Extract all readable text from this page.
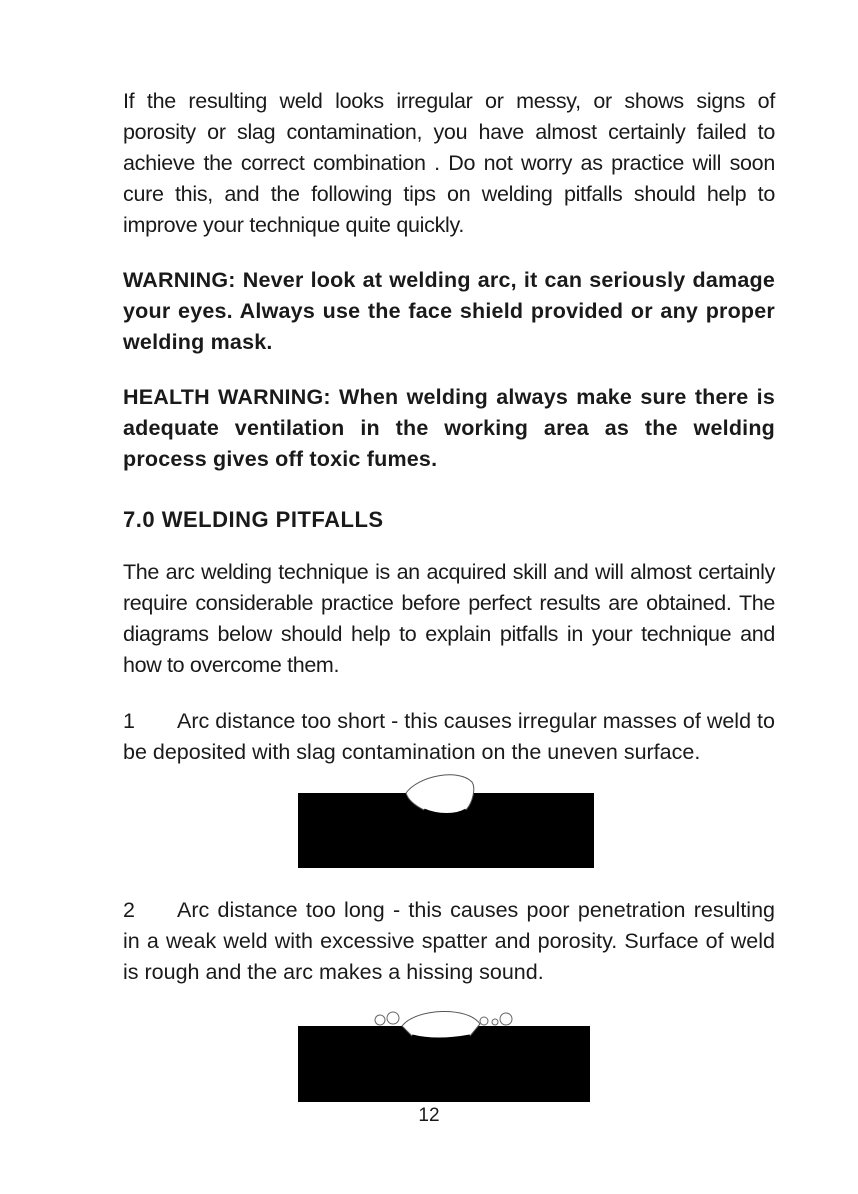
If the resulting weld looks irregular or messy, or shows signs of porosity or slag contamination, you have almost certainly failed to achieve the correct combination . Do not worry as practice will soon cure this, and the following tips on welding pitfalls should help to improve your technique quite quickly.

WARNING: Never look at welding arc, it can seriously damage your eyes. Always use the face shield provided or any proper welding mask.

HEALTH WARNING: When welding always make sure there is adequate ventilation in the working area as the welding process gives off toxic fumes.

7.0 WELDING PITFALLS

The arc welding technique is an acquired skill and will almost certainly require considerable practice before perfect results are obtained. The diagrams below should help to explain pitfalls in your technique and how to overcome them.

1 Arc distance too short - this causes irregular masses of weld to be deposited with slag contamination on the uneven surface.

2 Arc distance too long - this causes poor penetration resulting in a weak weld with excessive spatter and porosity. Surface of weld is rough and the arc makes a hissing sound.

12
